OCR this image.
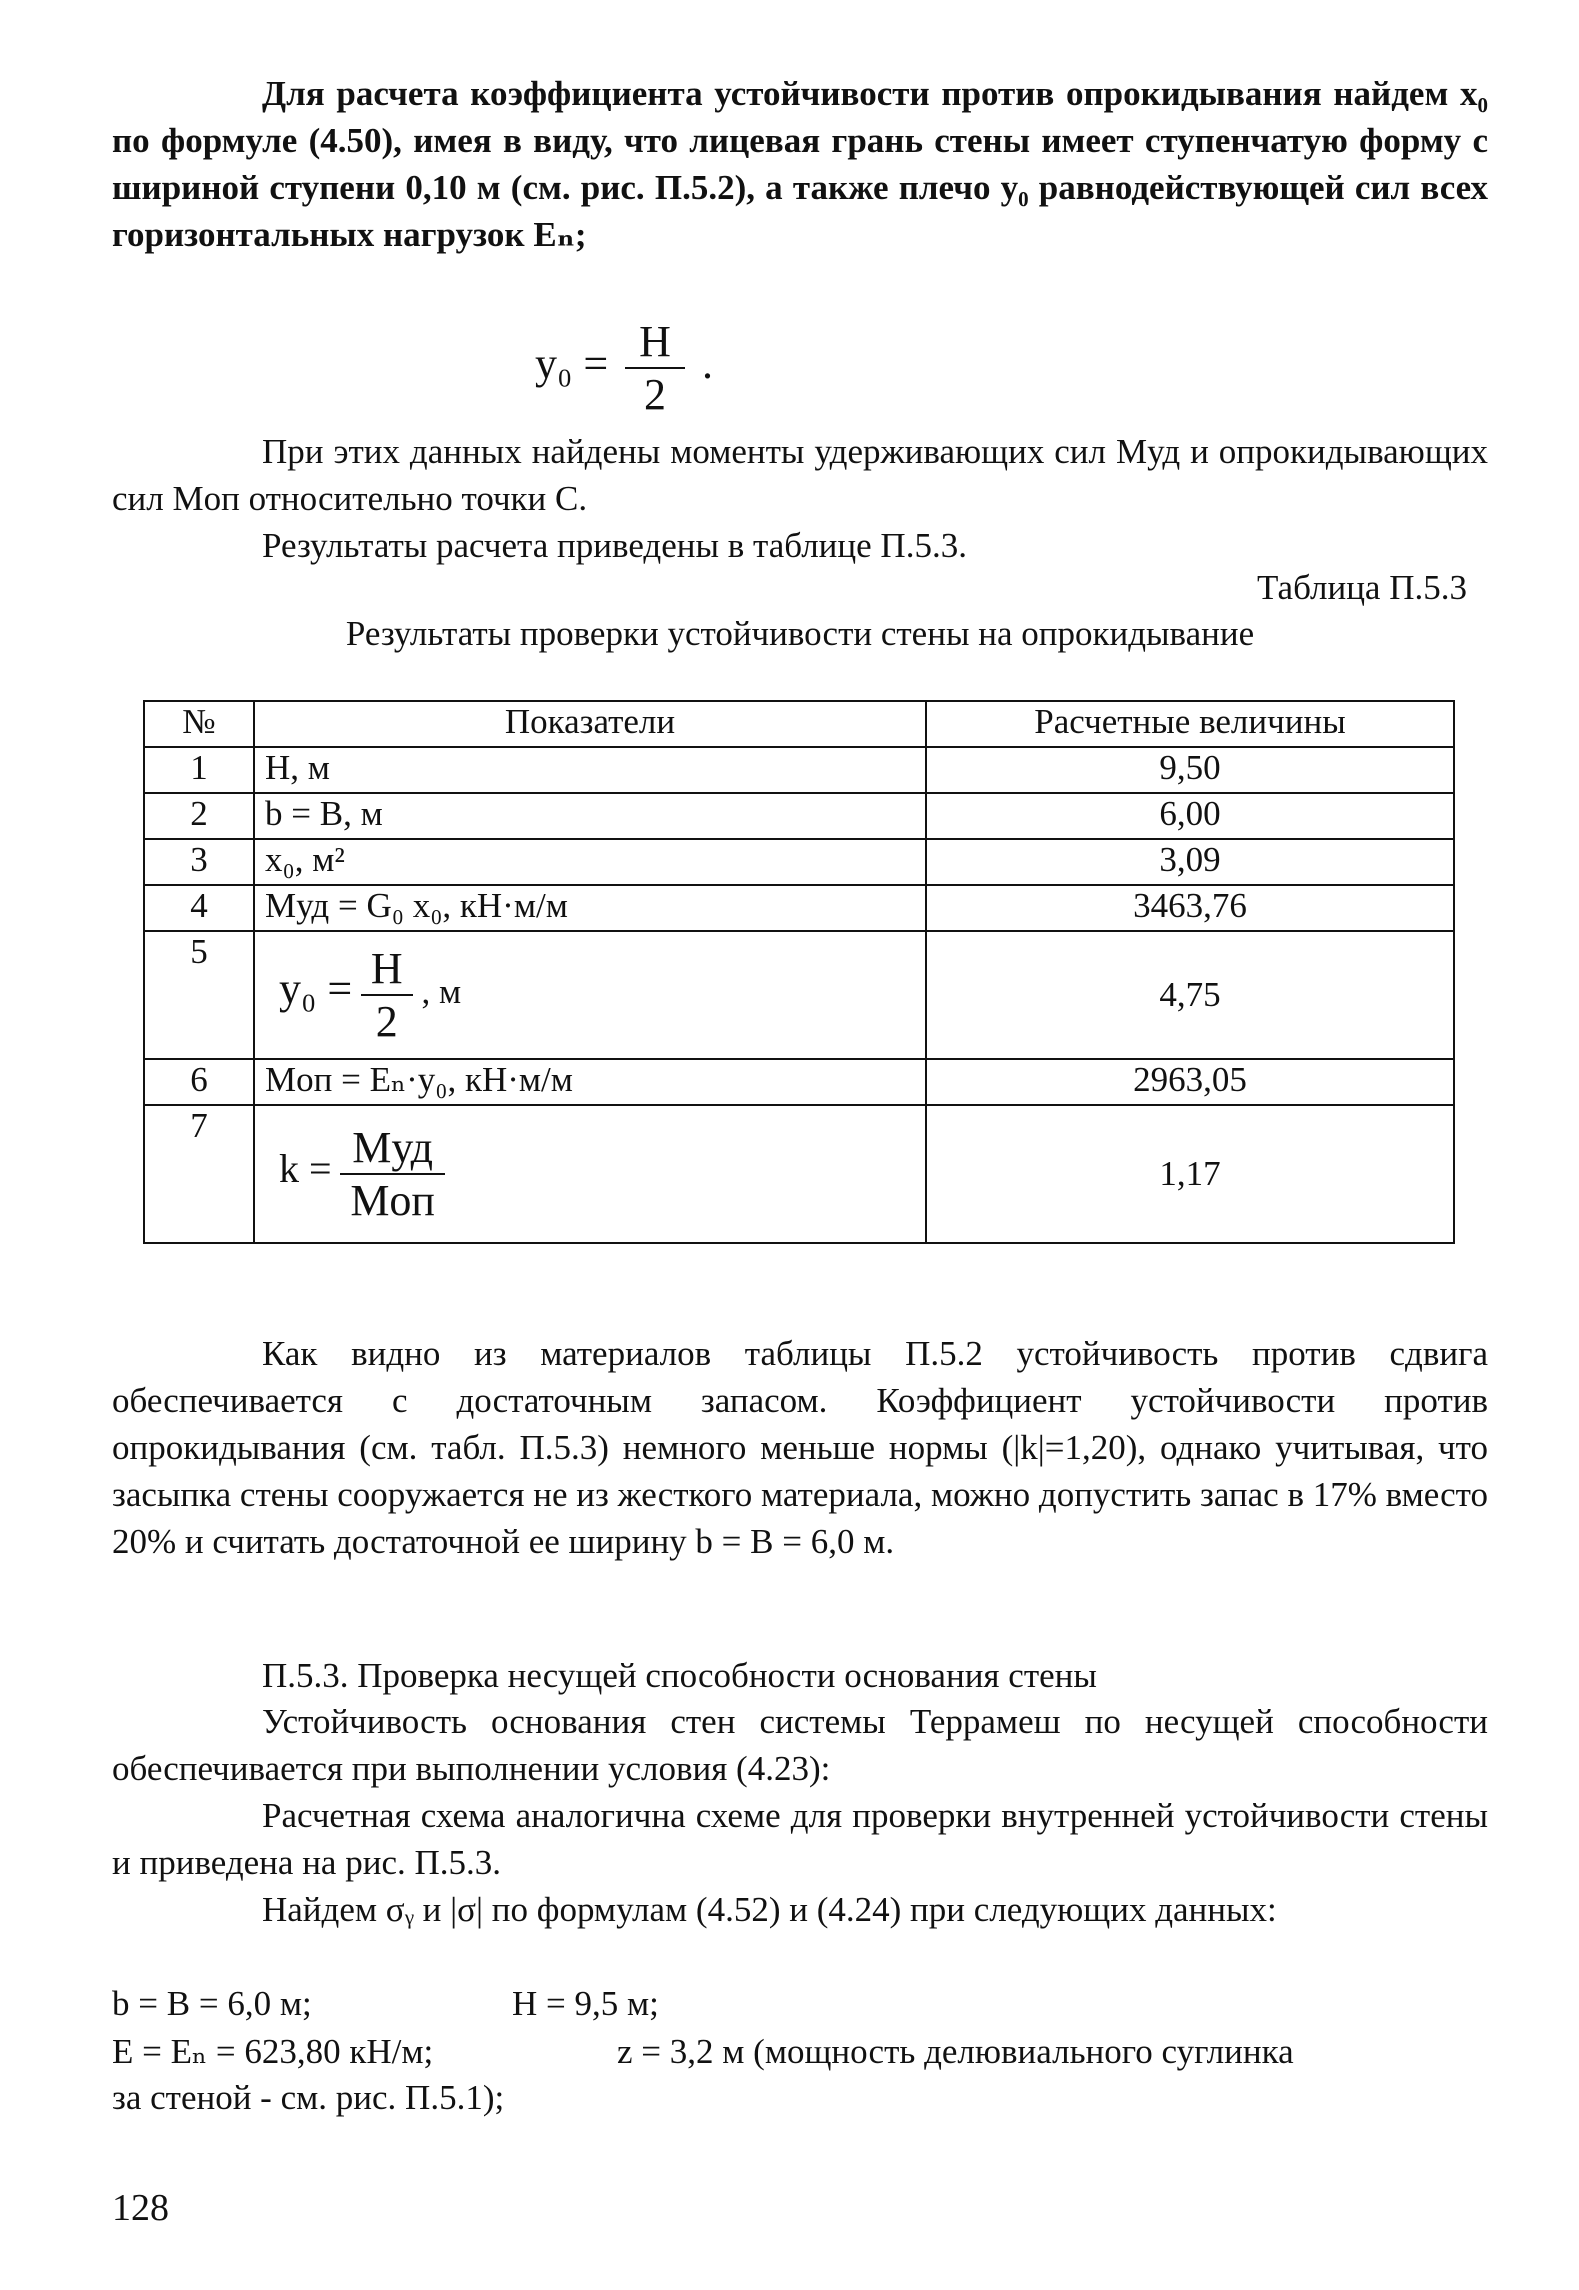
Для расчета коэффициента устойчивости против опрокидывания найдем x₀ по формуле (4.50), имея в виду, что лицевая грань стены имеет ступенчатую форму с шириной ступени 0,10 м (см. рис. П.5.2), а также плечо y₀ равнодействующей сил всех горизонтальных нагрузок Eₙ;

$y_0 = \frac{H}{2}$ .

При этих данных найдены моменты удерживающих сил Mуд и опрокидывающих сил Mоп относительно точки С.

Результаты расчета приведены в таблице П.5.3.

Таблица П.5.3
Результаты проверки устойчивости стены на опрокидывание
№	Показатели	Расчетные величины
1	H, м	9,50
2	b = B, м	6,00
3	x₀, м²	3,09
4	Mуд = G₀ x₀, кН·м/м	3463,76
5	$y_0 = \frac{H}{2}$ , м	4,75
6	Mоп = Eₙ·y₀, кН·м/м	2963,05
7	$k = \frac{\text{Mуд}}{\text{Mоп}}$	1,17

Как видно из материалов таблицы П.5.2 устойчивость против сдвига обеспечивается с достаточным запасом. Коэффициент устойчивости против опрокидывания (см. табл. П.5.3) немного меньше нормы (|k|=1,20), однако учитывая, что засыпка стены сооружается не из жесткого материала, можно допустить запас в 17% вместо 20% и считать достаточной ее ширину b = B = 6,0 м.

П.5.3. Проверка несущей способности основания стены

Устойчивость основания стен системы Террамеш по несущей способности обеспечивается при выполнении условия (4.23):

Расчетная схема аналогична схеме для проверки внутренней устойчивости стены и приведена на рис. П.5.3.

Найдем σᵧ и |σ| по формулам (4.52) и (4.24) при следующих данных:

b = B = 6,0 м;	H = 9,5 м;
E = Eₙ = 623,80 кН/м;	z = 3,2 м (мощность делювиального суглинка
за стеной - см. рис. П.5.1);
128
